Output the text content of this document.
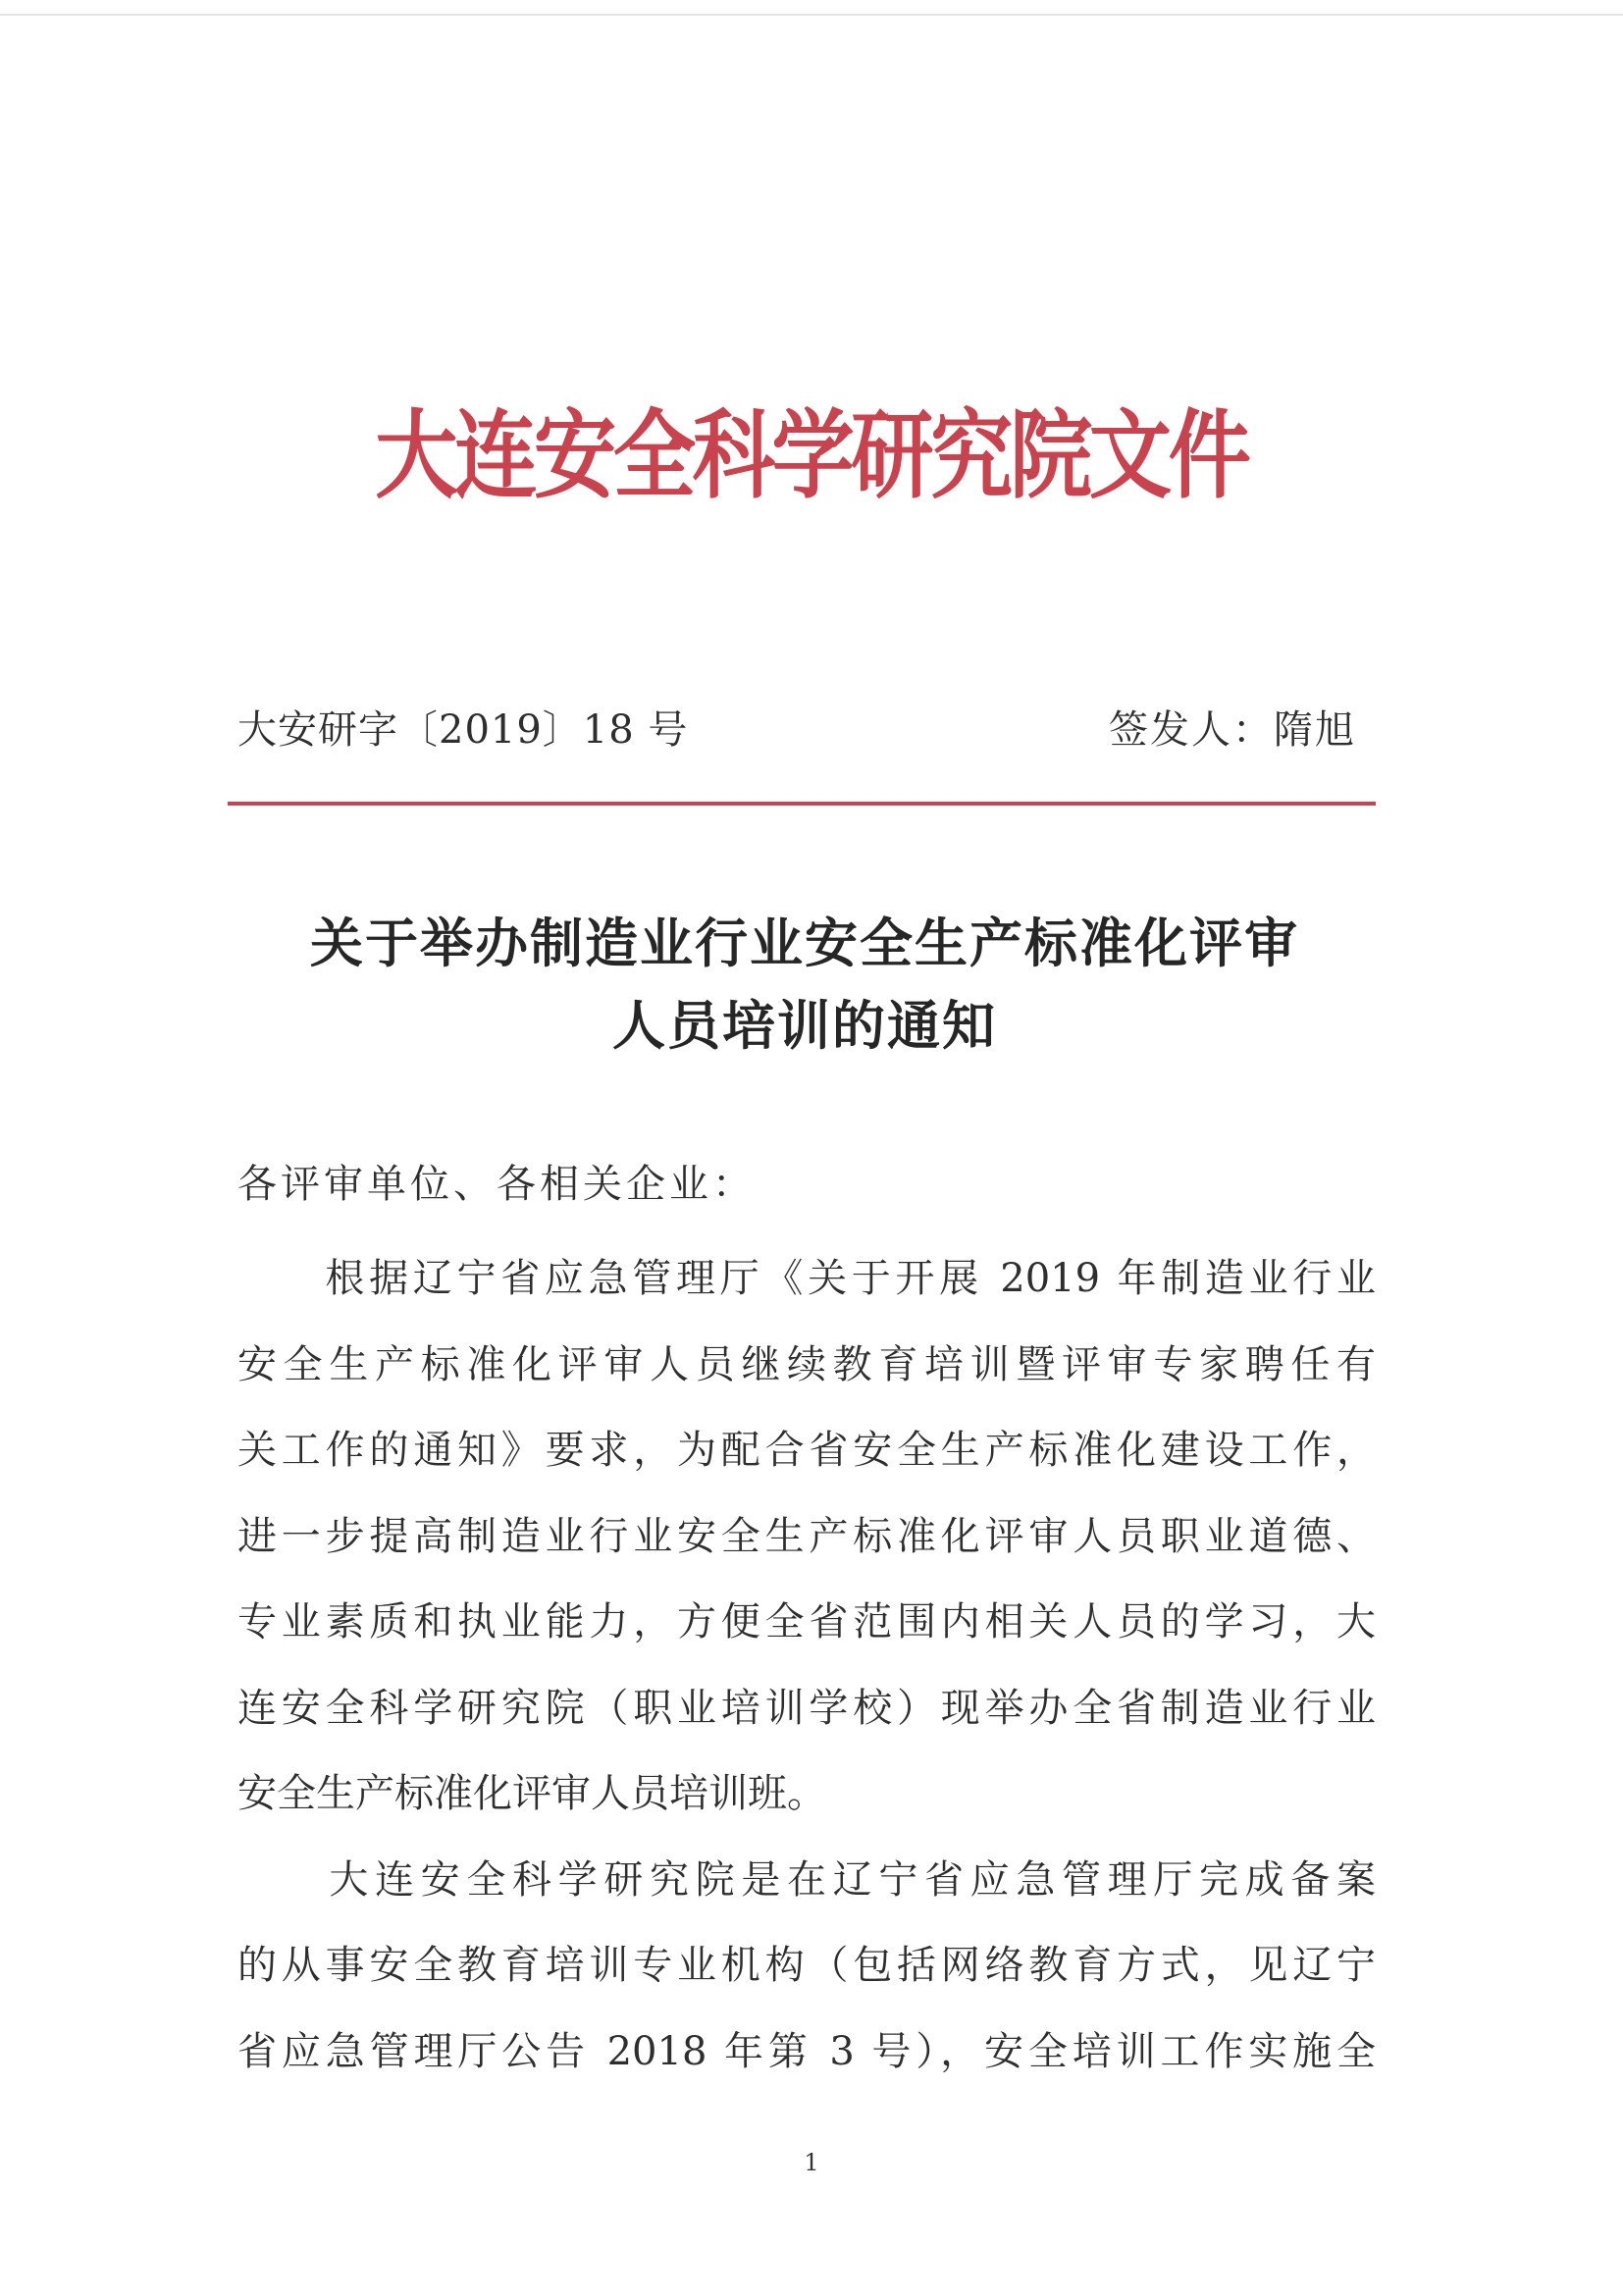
大连安全科学研究院文件
大安研字〔2019〕18 号	签发人：隋旭
关于举办制造业行业安全生产标准化评审
人员培训的通知
各评审单位、各相关企业：

　　根据辽宁省应急管理厅《关于开展 2019 年制造业行业
安全生产标准化评审人员继续教育培训暨评审专家聘任有
关工作的通知》要求，为配合省安全生产标准化建设工作，
进一步提高制造业行业安全生产标准化评审人员职业道德、
专业素质和执业能力，方便全省范围内相关人员的学习，大
连安全科学研究院（职业培训学校）现举办全省制造业行业
安全生产标准化评审人员培训班。

　　大连安全科学研究院是在辽宁省应急管理厅完成备案
的从事安全教育培训专业机构（包括网络教育方式，见辽宁
省应急管理厅公告 2018 年第 3 号），安全培训工作实施全

1
